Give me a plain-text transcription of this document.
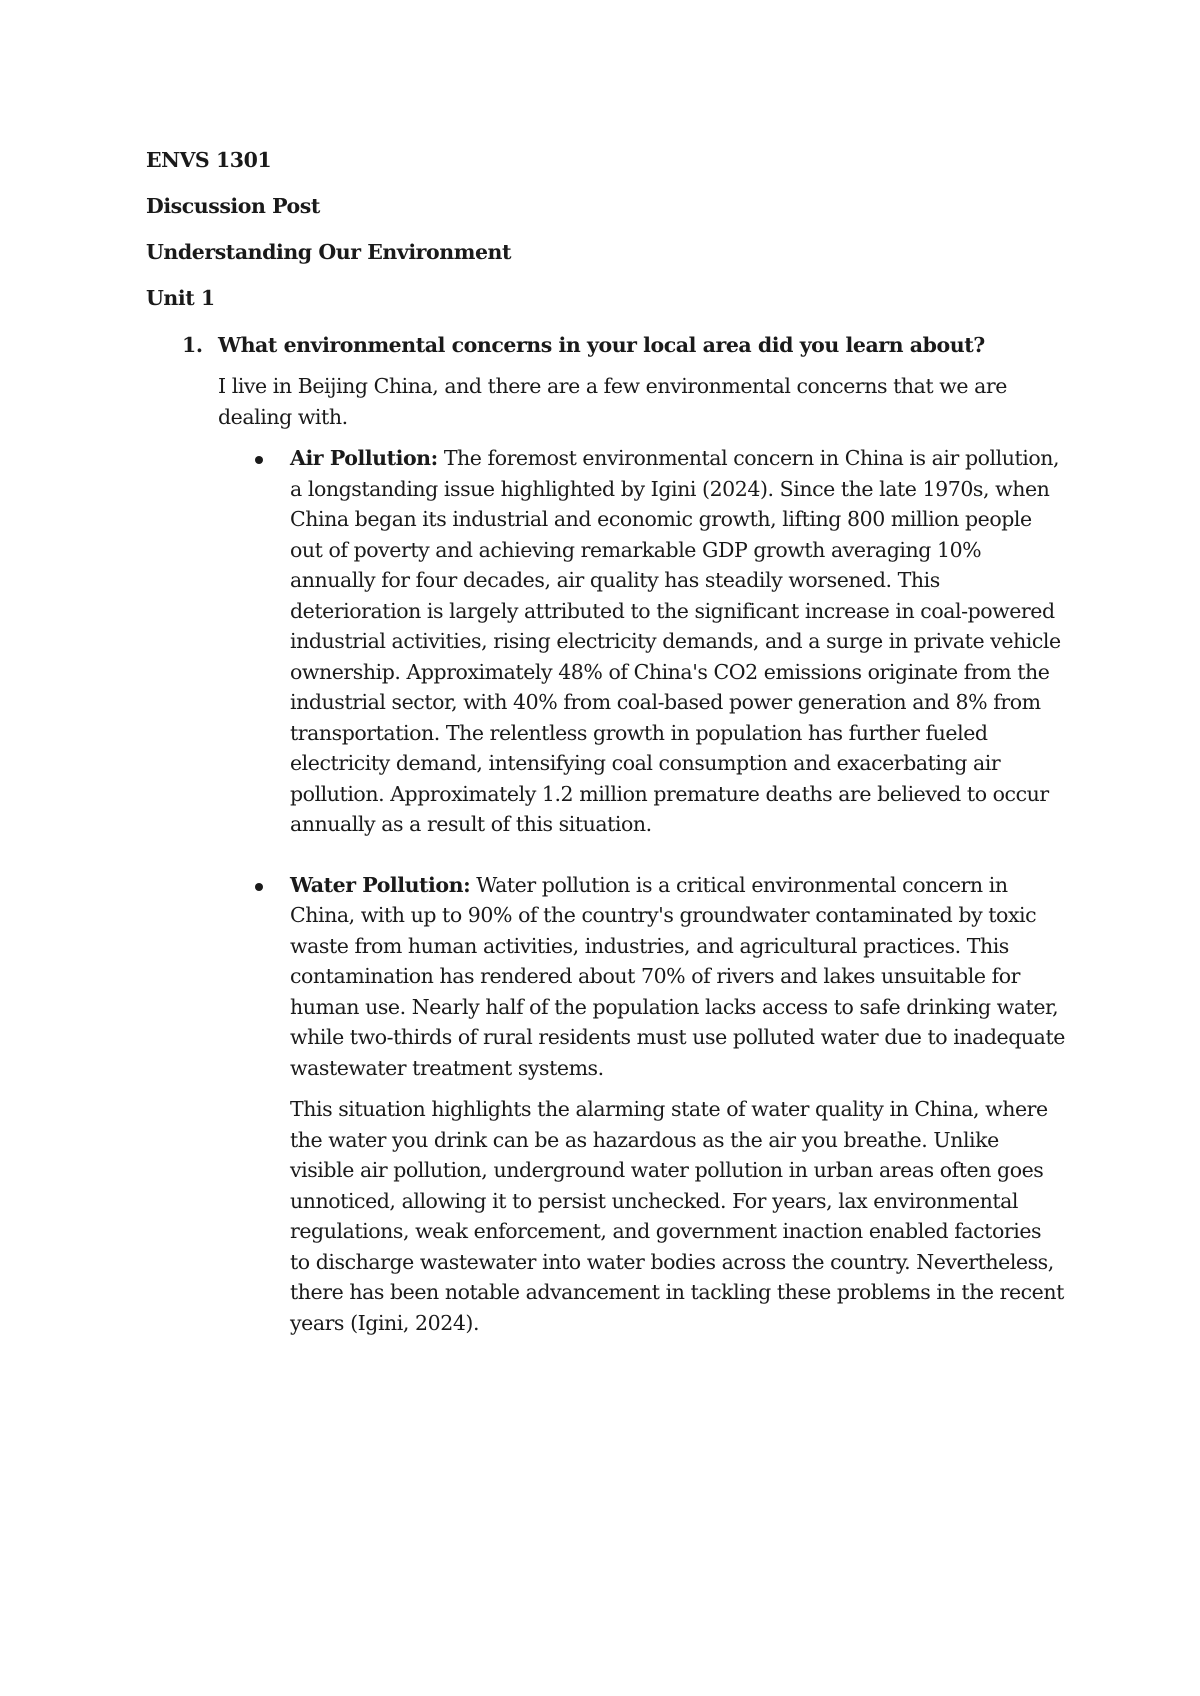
ENVS 1301

Discussion Post

Understanding Our Environment

Unit 1

1. What environmental concerns in your local area did you learn about?

I live in Beijing China, and there are a few environmental concerns that we are dealing with.

Air Pollution: The foremost environmental concern in China is air pollution, a longstanding issue highlighted by Igini (2024). Since the late 1970s, when China began its industrial and economic growth, lifting 800 million people out of poverty and achieving remarkable GDP growth averaging 10% annually for four decades, air quality has steadily worsened. This deterioration is largely attributed to the significant increase in coal-powered industrial activities, rising electricity demands, and a surge in private vehicle ownership. Approximately 48% of China's CO2 emissions originate from the industrial sector, with 40% from coal-based power generation and 8% from transportation. The relentless growth in population has further fueled electricity demand, intensifying coal consumption and exacerbating air pollution. Approximately 1.2 million premature deaths are believed to occur annually as a result of this situation.

Water Pollution: Water pollution is a critical environmental concern in China, with up to 90% of the country's groundwater contaminated by toxic waste from human activities, industries, and agricultural practices. This contamination has rendered about 70% of rivers and lakes unsuitable for human use. Nearly half of the population lacks access to safe drinking water, while two-thirds of rural residents must use polluted water due to inadequate wastewater treatment systems.

This situation highlights the alarming state of water quality in China, where the water you drink can be as hazardous as the air you breathe. Unlike visible air pollution, underground water pollution in urban areas often goes unnoticed, allowing it to persist unchecked. For years, lax environmental regulations, weak enforcement, and government inaction enabled factories to discharge wastewater into water bodies across the country. Nevertheless, there has been notable advancement in tackling these problems in the recent years (Igini, 2024).
